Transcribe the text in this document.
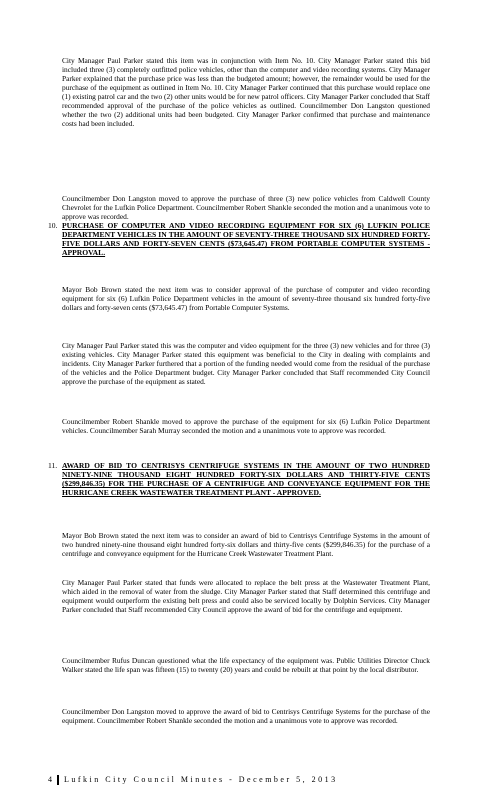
City Manager Paul Parker stated this item was in conjunction with Item No. 10. City Manager Parker stated this bid included three (3) completely outfitted police vehicles, other than the computer and video recording systems. City Manager Parker explained that the purchase price was less than the budgeted amount; however, the remainder would be used for the purchase of the equipment as outlined in Item No. 10. City Manager Parker continued that this purchase would replace one (1) existing patrol car and the two (2) other units would be for new patrol officers. City Manager Parker concluded that Staff recommended approval of the purchase of the police vehicles as outlined. Councilmember Don Langston questioned whether the two (2) additional units had been budgeted. City Manager Parker confirmed that purchase and maintenance costs had been included.

Councilmember Don Langston moved to approve the purchase of three (3) new police vehicles from Caldwell County Chevrolet for the Lufkin Police Department. Councilmember Robert Shankle seconded the motion and a unanimous vote to approve was recorded.

10. PURCHASE OF COMPUTER AND VIDEO RECORDING EQUIPMENT FOR SIX (6) LUFKIN POLICE DEPARTMENT VEHICLES IN THE AMOUNT OF SEVENTY-THREE THOUSAND SIX HUNDRED FORTY-FIVE DOLLARS AND FORTY-SEVEN CENTS ($73,645.47) FROM PORTABLE COMPUTER SYSTEMS - APPROVAL.

Mayor Bob Brown stated the next item was to consider approval of the purchase of computer and video recording equipment for six (6) Lufkin Police Department vehicles in the amount of seventy-three thousand six hundred forty-five dollars and forty-seven cents ($73,645.47) from Portable Computer Systems.

City Manager Paul Parker stated this was the computer and video equipment for the three (3) new vehicles and for three (3) existing vehicles. City Manager Parker stated this equipment was beneficial to the City in dealing with complaints and incidents. City Manager Parker furthered that a portion of the funding needed would come from the residual of the purchase of the vehicles and the Police Department budget. City Manager Parker concluded that Staff recommended City Council approve the purchase of the equipment as stated.

Councilmember Robert Shankle moved to approve the purchase of the equipment for six (6) Lufkin Police Department vehicles. Councilmember Sarah Murray seconded the motion and a unanimous vote to approve was recorded.

11. AWARD OF BID TO CENTRISYS CENTRIFUGE SYSTEMS IN THE AMOUNT OF TWO HUNDRED NINETY-NINE THOUSAND EIGHT HUNDRED FORTY-SIX DOLLARS AND THIRTY-FIVE CENTS ($299,846.35) FOR THE PURCHASE OF A CENTRIFUGE AND CONVEYANCE EQUIPMENT FOR THE HURRICANE CREEK WASTEWATER TREATMENT PLANT - APPROVED.

Mayor Bob Brown stated the next item was to consider an award of bid to Centrisys Centrifuge Systems in the amount of two hundred ninety-nine thousand eight hundred forty-six dollars and thirty-five cents ($299,846.35) for the purchase of a centrifuge and conveyance equipment for the Hurricane Creek Wastewater Treatment Plant.

City Manager Paul Parker stated that funds were allocated to replace the belt press at the Wastewater Treatment Plant, which aided in the removal of water from the sludge. City Manager Parker stated that Staff determined this centrifuge and equipment would outperform the existing belt press and could also be serviced locally by Dolphin Services. City Manager Parker concluded that Staff recommended City Council approve the award of bid for the centrifuge and equipment.

Councilmember Rufus Duncan questioned what the life expectancy of the equipment was. Public Utilities Director Chuck Walker stated the life span was fifteen (15) to twenty (20) years and could be rebuilt at that point by the local distributor.

Councilmember Don Langston moved to approve the award of bid to Centrisys Centrifuge Systems for the purchase of the equipment. Councilmember Robert Shankle seconded the motion and a unanimous vote to approve was recorded.

4 Lufkin City Council Minutes - December 5, 2013
